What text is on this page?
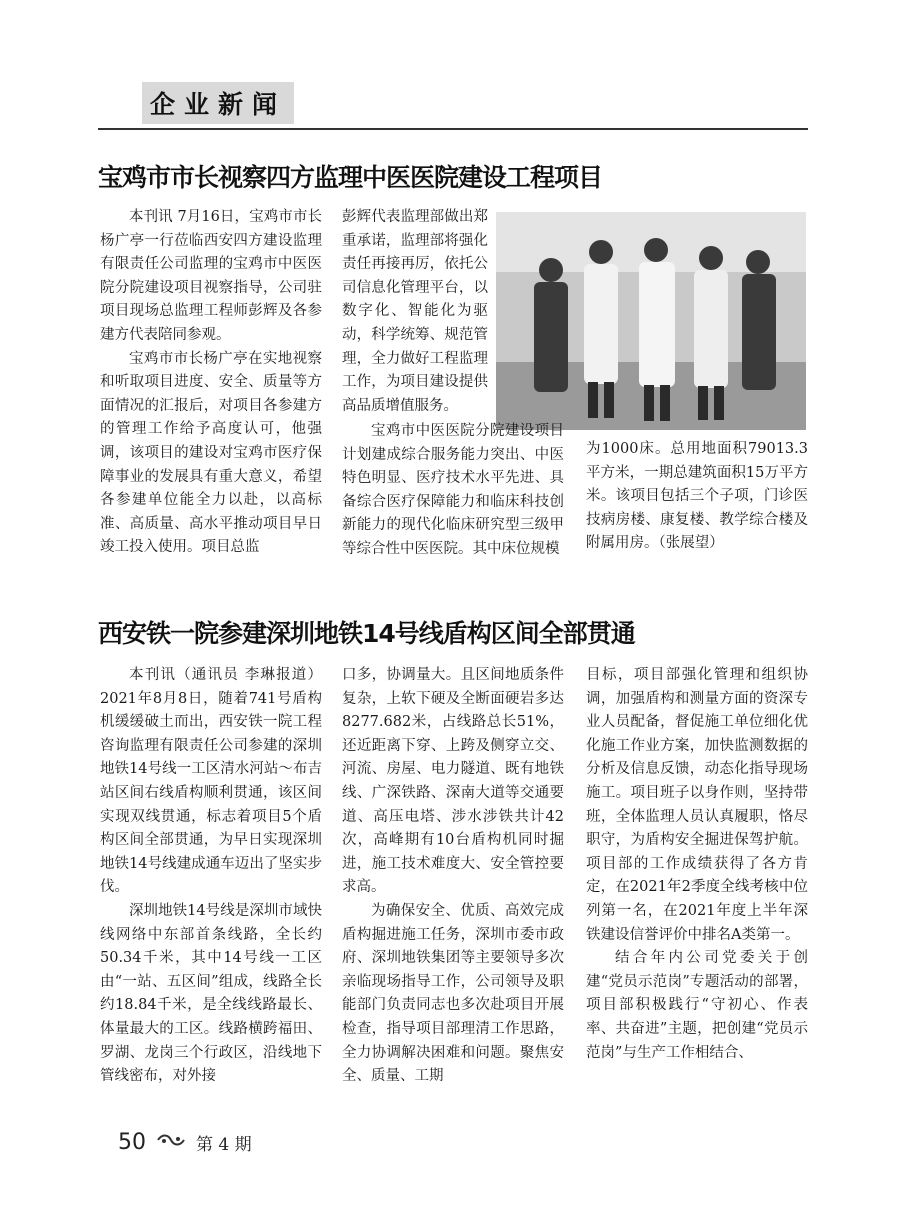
企业新闻
宝鸡市市长视察四方监理中医医院建设工程项目

本刊讯 7月16日，宝鸡市市长杨广亭一行莅临西安四方建设监理有限责任公司监理的宝鸡市中医医院分院建设项目视察指导，公司驻项目现场总监理工程师彭辉及各参建方代表陪同参观。

宝鸡市市长杨广亭在实地视察和听取项目进度、安全、质量等方面情况的汇报后，对项目各参建方的管理工作给予高度认可，他强调，该项目的建设对宝鸡市医疗保障事业的发展具有重大意义，希望各参建单位能全力以赴，以高标准、高质量、高水平推动项目早日竣工投入使用。项目总监

彭辉代表监理部做出郑重承诺，监理部将强化责任再接再厉，依托公司信息化管理平台，以数字化、智能化为驱动，科学统筹、规范管理，全力做好工程监理工作，为项目建设提供高品质增值服务。

宝鸡市中医医院分院建设项目计划建成综合服务能力突出、中医特色明显、医疗技术水平先进、具备综合医疗保障能力和临床科技创新能力的现代化临床研究型三级甲等综合性中医医院。其中床位规模

为1000床。总用地面积79013.3平方米，一期总建筑面积15万平方米。该项目包括三个子项，门诊医技病房楼、康复楼、教学综合楼及附属用房。（张展望）

西安铁一院参建深圳地铁14号线盾构区间全部贯通

本刊讯（通讯员 李琳报道）2021年8月8日，随着741号盾构机缓缓破土而出，西安铁一院工程咨询监理有限责任公司参建的深圳地铁14号线一工区清水河站～布吉站区间右线盾构顺利贯通，该区间实现双线贯通，标志着项目5个盾构区间全部贯通，为早日实现深圳地铁14号线建成通车迈出了坚实步伐。

深圳地铁14号线是深圳市域快线网络中东部首条线路，全长约50.34千米，其中14号线一工区由“一站、五区间”组成，线路全长约18.84千米，是全线线路最长、体量最大的工区。线路横跨福田、罗湖、龙岗三个行政区，沿线地下管线密布，对外接

口多，协调量大。且区间地质条件复杂，上软下硬及全断面硬岩多达8277.682米，占线路总长51%，还近距离下穿、上跨及侧穿立交、河流、房屋、电力隧道、既有地铁线、广深铁路、深南大道等交通要道、高压电塔、涉水涉铁共计42次，高峰期有10台盾构机同时掘进，施工技术难度大、安全管控要求高。

为确保安全、优质、高效完成盾构掘进施工任务，深圳市委市政府、深圳地铁集团等主要领导多次亲临现场指导工作，公司领导及职能部门负责同志也多次赴项目开展检查，指导项目部理清工作思路，全力协调解决困难和问题。聚焦安全、质量、工期

目标，项目部强化管理和组织协调，加强盾构和测量方面的资深专业人员配备，督促施工单位细化优化施工作业方案，加快监测数据的分析及信息反馈，动态化指导现场施工。项目班子以身作则，坚持带班，全体监理人员认真履职，恪尽职守，为盾构安全掘进保驾护航。项目部的工作成绩获得了各方肯定，在2021年2季度全线考核中位列第一名，在2021年度上半年深铁建设信誉评价中排名A类第一。

结合年内公司党委关于创建“党员示范岗”专题活动的部署，项目部积极践行“守初心、作表率、共奋进”主题，把创建“党员示范岗”与生产工作相结合、

50	第 4 期
